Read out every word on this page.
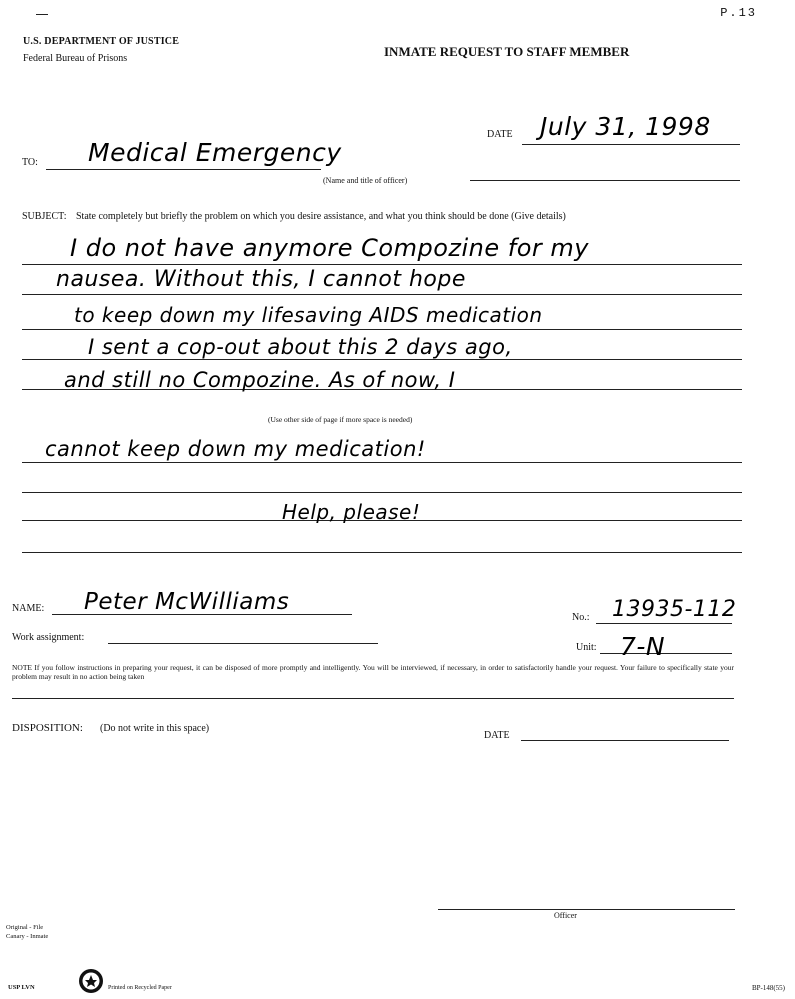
P.13
U.S. DEPARTMENT OF JUSTICE
Federal Bureau of Prisons	INMATE REQUEST TO STAFF MEMBER
DATE July 31, 1998
TO: Medical Emergency
(Name and title of officer)
SUBJECT: State completely but briefly the problem on which you desire assistance, and what you think should be done (Give details)
I do not have anymore Compozine for my
nausea. Without this, I cannot hope
to keep down my lifesaving AIDS medication
I sent a cop-out about this 2 days ago,
and still no Compozine. As of now, I
(Use other side of page if more space is needed)
cannot keep down my medication!
Help, please!
NAME: Peter McWilliams
No.: 13935-112
Work assignment:
Unit: 7-N
NOTE If you follow instructions in preparing your request, it can be disposed of more promptly and intelligently. You will be interviewed, if necessary, in order to satisfactorily handle your request. Your failure to specifically state your problem may result in no action being taken
DISPOSITION: (Do not write in this space)
DATE
Officer
Original - File
Canary - Inmate
USP LVN	Printed on Recycled Paper	BP-148(55)
